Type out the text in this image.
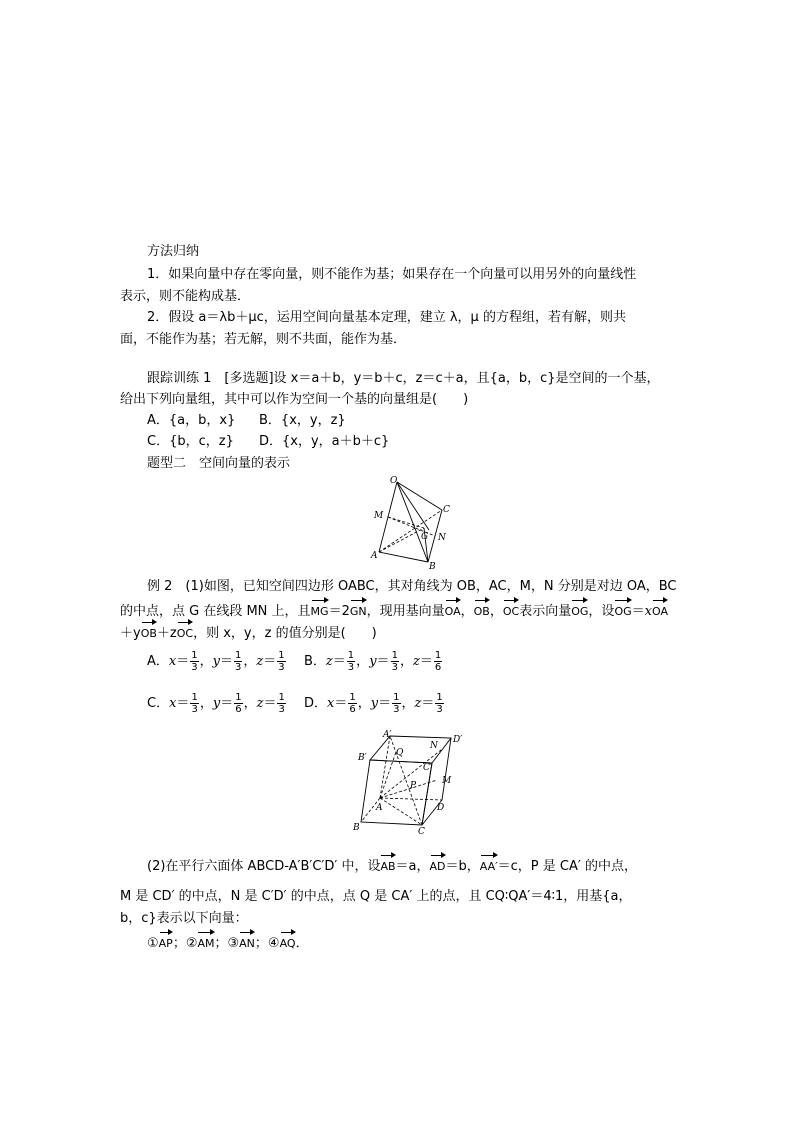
方法归纳
1．如果向量中存在零向量，则不能作为基；如果存在一个向量可以用另外的向量线性
表示，则不能构成基．
2．假设 a＝λb＋μc，运用空间向量基本定理，建立 λ，μ 的方程组，若有解，则共
面，不能作为基；若无解，则不共面，能作为基．
跟踪训练 1　[多选题]设 x＝a＋b，y＝b＋c，z＝c＋a，且{a，b，c}是空间的一个基，
给出下列向量组，其中可以作为空间一个基的向量组是(　　)
A．{a，b，x} B．{x，y，z}
C．{b，c，z} D．{x，y，a＋b＋c}
题型二　空间向量的表示
O
M
C
G N
A
B
例 2　(1)如图，已知空间四边形 OABC，其对角线为 OB，AC，M，N 分别是对边 OA，BC
的中点，点 G 在线段 MN 上，且MG＝2GN，现用基向量OA，OB，OC表示向量OG，设OG＝xOA
＋yOB＋zOC，则 x，y，z 的值分别是(　　)
A．$x= \frac{1}{3}$ ，$y= \frac{1}{3}$ ，$z= \frac{1}{3}$ B．$z= \frac{1}{3}$ ，$y= \frac{1}{3}$ ，$z= \frac{1}{6}$
C．$x= \frac{1}{3}$ ，$y= \frac{1}{6}$ ，$z= \frac{1}{3}$ D．$x= \frac{1}{6}$ ，$y= \frac{1}{3}$ ，$z= \frac{1}{3}$
A′
B′	Q
N
D′
C′
M
P
A	D
B	C
(2)在平行六面体 ABCD-A′B′C′D′ 中，设AB＝a，AD＝b，AA′＝c，P 是 CA′ 的中点，
M 是 CD′ 的中点，N 是 C′D′ 的中点，点 Q 是 CA′ 上的点，且 CQ∶QA′＝4∶1，用基{a，
b，c}表示以下向量：
①AP；②AM；③AN；④AQ．
